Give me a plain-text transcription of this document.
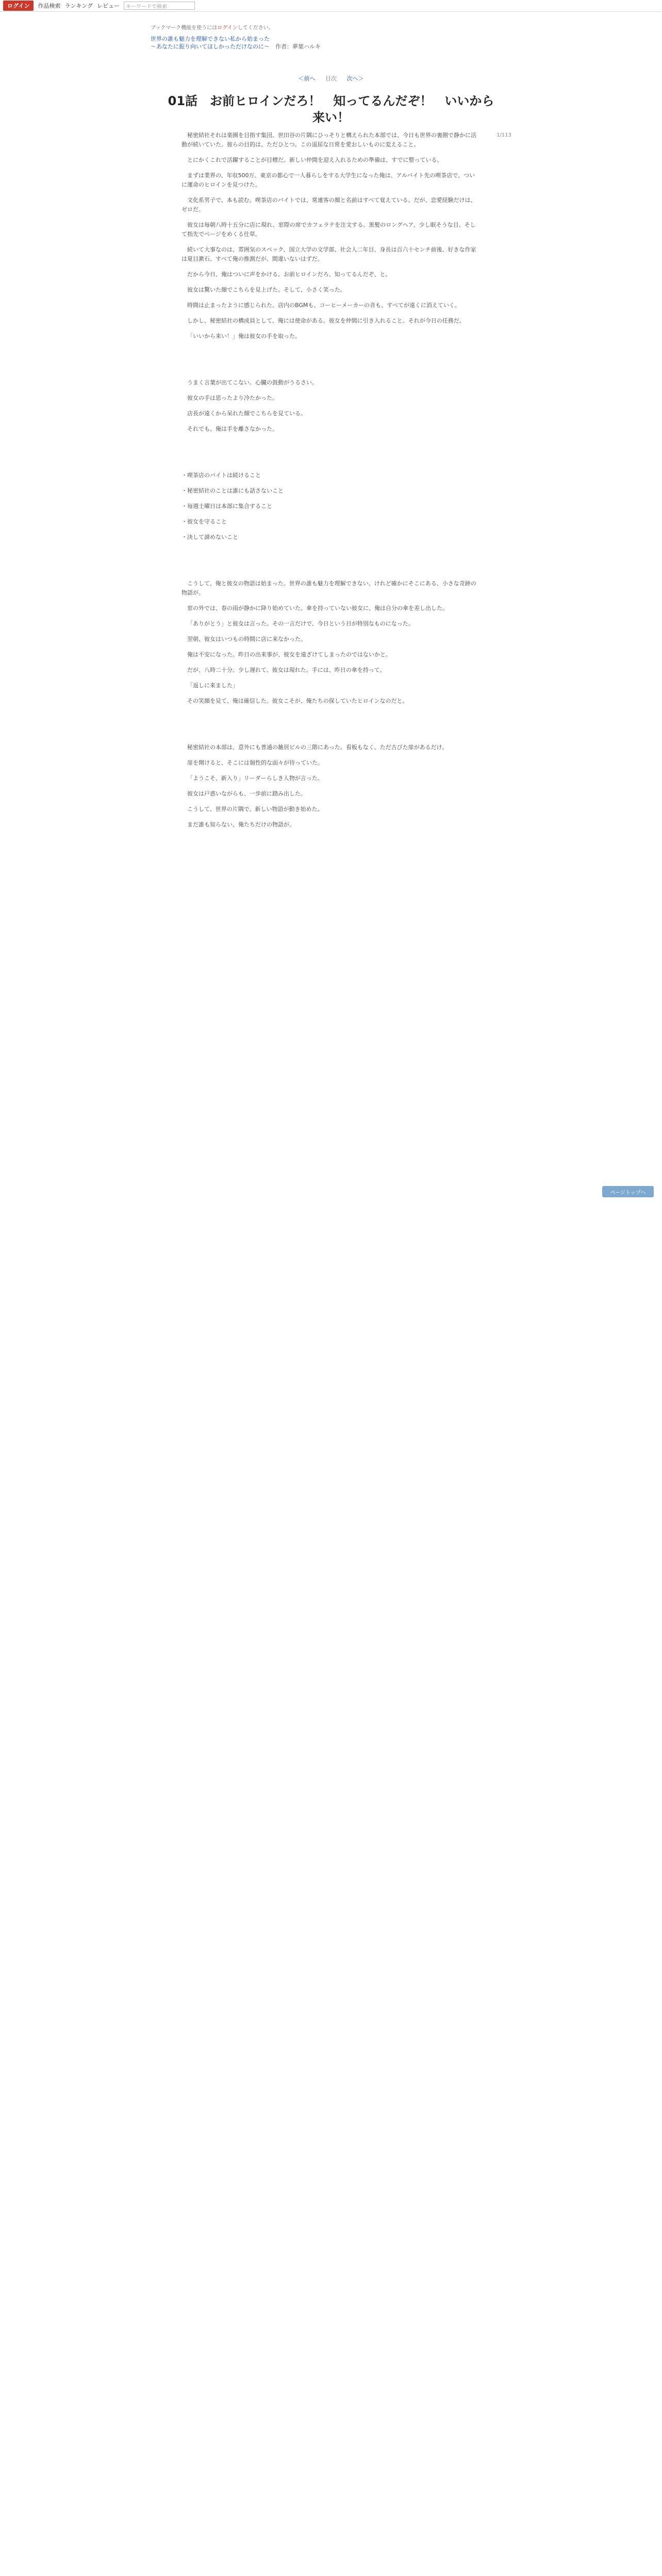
ログイン	作品検索 ランキング レビュー	キーワードで検索
ブックマーク機能を使うにはログインしてください。
世界の誰も魅力を理解できない私から始まった
〜あなたに振り向いてほしかっただけなのに〜　 作者：夢葉ハルキ
＜前へ 目次 次へ＞
1/113
01話　お前ヒロインだろ！　知ってるんだぞ！　いいから来い！

秘密結社それは楽園を目指す集団。世田谷の片隅にひっそりと構えられた本部では、今日も世界の裏側で静かに活動が続いていた。彼らの目的は、ただひとつ。この退屈な日常を愛おしいものに変えること。

とにかくこれで活躍することが目標だ。新しい仲間を迎え入れるための準備は、すでに整っている。

まずは業界の、年収500万、東京の都心で一人暮らしをする大学生になった俺は、アルバイト先の喫茶店で、ついに運命のヒロインを見つけた。

文化系男子で、本も読む。喫茶店のバイトでは、常連客の顔と名前はすべて覚えている。だが、恋愛経験だけは、ゼロだ。

彼女は毎朝八時十五分に店に現れ、窓際の席でカフェラテを注文する。黒髪のロングヘア、少し眠そうな目、そして指先でページをめくる仕草。

続いて大事なのは、雰囲気のスペック、国立大学の文学部、社会人二年目、身長は百六十センチ前後、好きな作家は夏目漱石。すべて俺の推測だが、間違いないはずだ。

だから今日、俺はついに声をかける。お前ヒロインだろ、知ってるんだぞ、と。

彼女は驚いた顔でこちらを見上げた。そして、小さく笑った。

時間は止まったように感じられた。店内のBGMも、コーヒーメーカーの音も、すべてが遠くに消えていく。

しかし、秘密結社の構成員として、俺には使命がある。彼女を仲間に引き入れること。それが今日の任務だ。

「いいから来い！」俺は彼女の手を取った。

うまく言葉が出てこない。心臓の鼓動がうるさい。

彼女の手は思ったより冷たかった。

店長が遠くから呆れた顔でこちらを見ている。

それでも、俺は手を離さなかった。

・喫茶店のバイトは続けること

・秘密結社のことは誰にも話さないこと

・毎週土曜日は本部に集合すること

・彼女を守ること

・決して諦めないこと

こうして、俺と彼女の物語は始まった。世界の誰も魅力を理解できない、けれど確かにそこにある、小さな奇跡の物語が。

窓の外では、春の雨が静かに降り始めていた。傘を持っていない彼女に、俺は自分の傘を差し出した。

「ありがとう」と彼女は言った。その一言だけで、今日という日が特別なものになった。

翌朝、彼女はいつもの時間に店に来なかった。

俺は不安になった。昨日の出来事が、彼女を遠ざけてしまったのではないかと。

だが、八時二十分。少し遅れて、彼女は現れた。手には、昨日の傘を持って。

「返しに来ました」

その笑顔を見て、俺は確信した。彼女こそが、俺たちの探していたヒロインなのだと。

秘密結社の本部は、意外にも普通の雑居ビルの三階にあった。看板もなく、ただ古びた扉があるだけ。

扉を開けると、そこには個性的な面々が待っていた。

「ようこそ、新入り」リーダーらしき人物が言った。

彼女は戸惑いながらも、一歩前に踏み出した。

こうして、世界の片隅で、新しい物語が動き始めた。

まだ誰も知らない、俺たちだけの物語が。

ページトップへ
